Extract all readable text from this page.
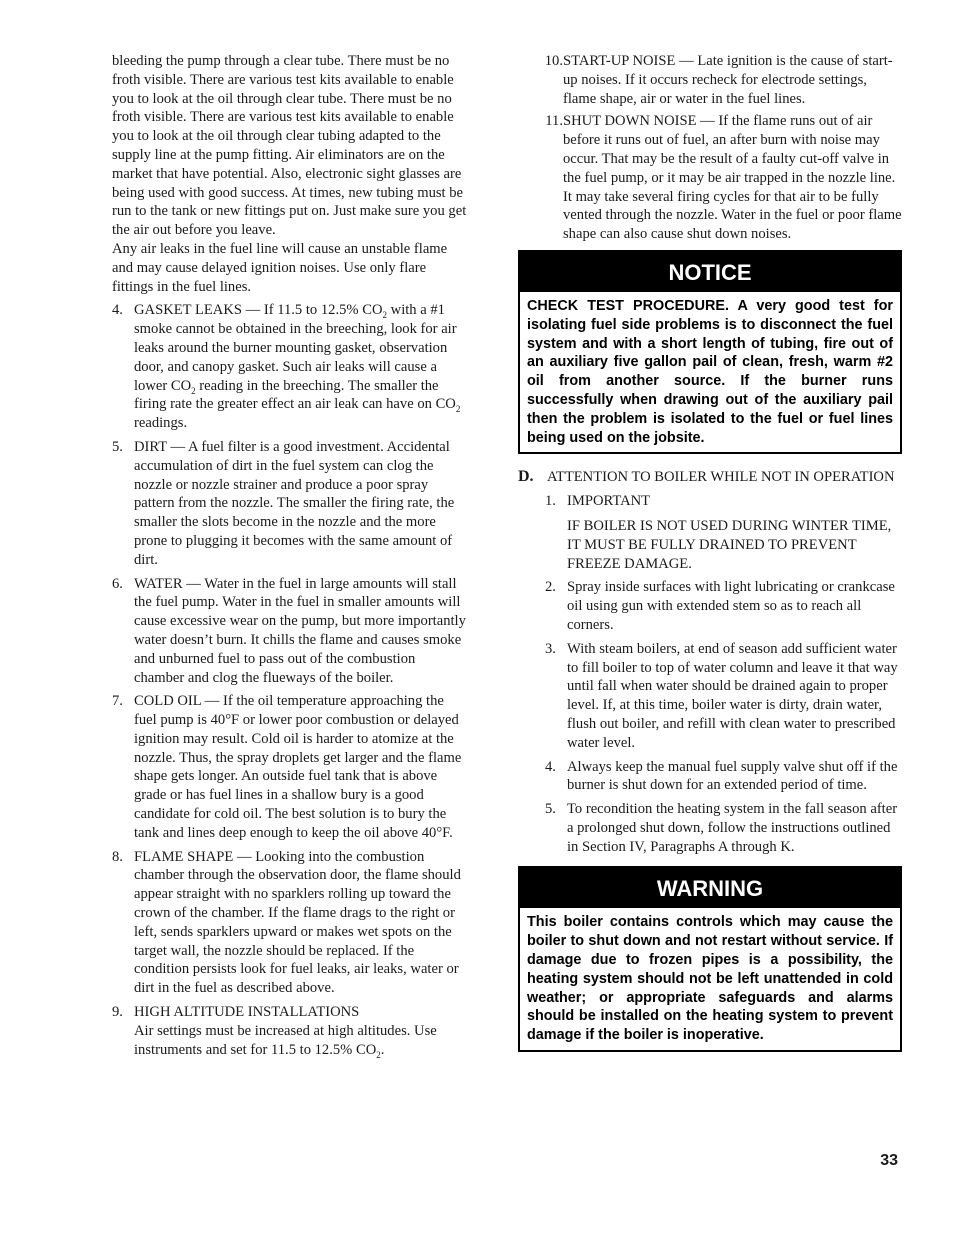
bleeding the pump through a clear tube. There must be no froth visible. There are various test kits available to enable you to look at the oil through clear tube. There must be no froth visible. There are various test kits available to enable you to look at the oil through clear tubing adapted to the supply line at the pump fitting. Air eliminators are on the market that have potential. Also, electronic sight glasses are being used with good success. At times, new tubing must be run to the tank or new fittings put on. Just make sure you get the air out before you leave.

Any air leaks in the fuel line will cause an unstable flame and may cause delayed ignition noises. Use only flare fittings in the fuel lines.

4. GASKET LEAKS — If 11.5 to 12.5% $CO_2$ with a #1 smoke cannot be obtained in the breeching, look for air leaks around the burner mounting gasket, observation door, and canopy gasket. Such air leaks will cause a lower $CO_2$ reading in the breeching. The smaller the firing rate the greater effect an air leak can have on $CO_2$ readings.
5. DIRT — A fuel filter is a good investment. Accidental accumulation of dirt in the fuel system can clog the nozzle or nozzle strainer and produce a poor spray pattern from the nozzle. The smaller the firing rate, the smaller the slots become in the nozzle and the more prone to plugging it becomes with the same amount of dirt.
6. WATER — Water in the fuel in large amounts will stall the fuel pump. Water in the fuel in smaller amounts will cause excessive wear on the pump, but more importantly water doesn’t burn. It chills the flame and causes smoke and unburned fuel to pass out of the combustion chamber and clog the flueways of the boiler.
7. COLD OIL — If the oil temperature approaching the fuel pump is 40°F or lower poor combustion or delayed ignition may result. Cold oil is harder to atomize at the nozzle. Thus, the spray droplets get larger and the flame shape gets longer. An outside fuel tank that is above grade or has fuel lines in a shallow bury is a good candidate for cold oil. The best solution is to bury the tank and lines deep enough to keep the oil above 40°F.
8. FLAME SHAPE — Looking into the combustion chamber through the observation door, the flame should appear straight with no sparklers rolling up toward the crown of the chamber. If the flame drags to the right or left, sends sparklers upward or makes wet spots on the target wall, the nozzle should be replaced. If the condition persists look for fuel leaks, air leaks, water or dirt in the fuel as described above.
9. HIGH ALTITUDE INSTALLATIONS
Air settings must be increased at high altitudes. Use instruments and set for 11.5 to 12.5% $CO_2$.
10. START-UP NOISE — Late ignition is the cause of start-up noises. If it occurs recheck for electrode settings, flame shape, air or water in the fuel lines.
11. SHUT DOWN NOISE — If the flame runs out of air before it runs out of fuel, an after burn with noise may occur. That may be the result of a faulty cut-off valve in the fuel pump, or it may be air trapped in the nozzle line. It may take several firing cycles for that air to be fully vented through the nozzle. Water in the fuel or poor flame shape can also cause shut down noises.
NOTICE
CHECK TEST PROCEDURE. A very good test for isolating fuel side problems is to disconnect the fuel system and with a short length of tubing, fire out of an auxiliary five gallon pail of clean, fresh, warm #2 oil from another source. If the burner runs successfully when drawing out of the auxiliary pail then the problem is isolated to the fuel or fuel lines being used on the jobsite.
D. ATTENTION TO BOILER WHILE NOT IN OPERATION
1. IMPORTANT
IF BOILER IS NOT USED DURING WINTER TIME, IT MUST BE FULLY DRAINED TO PREVENT FREEZE DAMAGE.
2. Spray inside surfaces with light lubricating or crankcase oil using gun with extended stem so as to reach all corners.
3. With steam boilers, at end of season add sufficient water to fill boiler to top of water column and leave it that way until fall when water should be drained again to proper level. If, at this time, boiler water is dirty, drain water, flush out boiler, and refill with clean water to prescribed water level.
4. Always keep the manual fuel supply valve shut off if the burner is shut down for an extended period of time.
5. To recondition the heating system in the fall season after a prolonged shut down, follow the instructions outlined in Section IV, Paragraphs A through K.
WARNING
This boiler contains controls which may cause the boiler to shut down and not restart without service. If damage due to frozen pipes is a possibility, the heating system should not be left unattended in cold weather; or appropriate safeguards and alarms should be installed on the heating system to prevent damage if the boiler is inoperative.
33
